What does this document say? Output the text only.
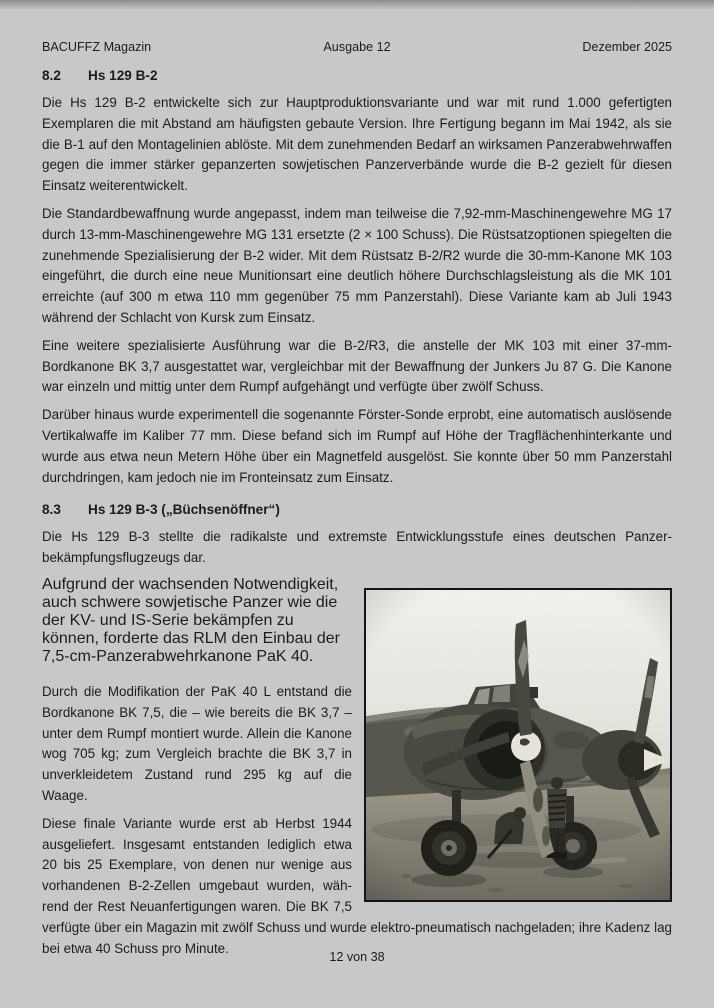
BACUFFZ Magazin	Ausgabe 12	Dezember 2025
8.2	Hs 129 B-2

Die Hs 129 B-2 entwickelte sich zur Hauptproduktionsvariante und war mit rund 1.000 gefertigten Exemplaren die mit Abstand am häufigsten gebaute Version. Ihre Fertigung begann im Mai 1942, als sie die B-1 auf den Montagelinien ablöste. Mit dem zunehmenden Bedarf an wirksamen Panzerabwehrwaffen gegen die immer stärker gepanzerten sowjetischen Panzerverbände wurde die B-2 gezielt für diesen Einsatz weiterentwickelt.

Die Standardbewaffnung wurde angepasst, indem man teilweise die 7,92-mm-Maschinengewehre MG 17 durch 13-mm-Maschinengewehre MG 131 ersetzte (2 × 100 Schuss). Die Rüstsatzoptionen spiegelten die zunehmende Spezialisierung der B-2 wider. Mit dem Rüstsatz B-2/R2 wurde die 30-mm-Kanone MK 103 eingeführt, die durch eine neue Munitionsart eine deutlich höhere Durchschlagsleistung als die MK 101 erreichte (auf 300 m etwa 110 mm gegenüber 75 mm Panzerstahl). Diese Variante kam ab Juli 1943 während der Schlacht von Kursk zum Einsatz.

Eine weitere spezialisierte Ausführung war die B-2/R3, die anstelle der MK 103 mit einer 37-mm-Bordkanone BK 3,7 ausgestattet war, vergleichbar mit der Bewaffnung der Junkers Ju 87 G. Die Kanone war einzeln und mittig unter dem Rumpf aufgehängt und verfügte über zwölf Schuss.

Darüber hinaus wurde experimentell die sogenannte Förster-Sonde erprobt, eine automatisch auslösende Vertikalwaffe im Kaliber 77 mm. Diese befand sich im Rumpf auf Höhe der Tragflächenhinterkante und wurde aus etwa neun Metern Höhe über ein Magnetfeld ausgelöst. Sie konnte über 50 mm Panzerstahl durchdringen, kam jedoch nie im Fronteinsatz zum Einsatz.

8.3	Hs 129 B-3 („Büchsenöffner“)

Die Hs 129 B-3 stellte die radikalste und extremste Entwicklungsstufe eines deutschen Panzerbekämpfungsflugzeugs dar.

Aufgrund der wachsenden Notwendigkeit, auch schwere sowjetische Panzer wie die der KV- und IS-Serie bekämpfen zu können, forderte das RLM den Einbau der 7,5-cm-Panzerabwehrkanone PaK 40.

Durch die Modifikation der PaK 40 L entstand die Bordkanone BK 7,5, die – wie bereits die BK 3,7 – unter dem Rumpf montiert wurde. Allein die Kanone wog 705 kg; zum Vergleich brachte die BK 3,7 in unverkleidetem Zustand rund 295 kg auf die Waage.

Diese finale Variante wurde erst ab Herbst 1944 ausgeliefert. Insgesamt entstanden lediglich etwa 20 bis 25 Exemplare, von denen nur wenige aus vorhandenen B-2-Zellen umgebaut wurden, während der Rest Neuanfertigungen waren. Die BK 7,5 verfügte über ein Magazin mit zwölf Schuss und wurde elektro-pneumatisch nachgeladen; ihre Kadenz lag bei etwa 40 Schuss pro Minute.

12 von 38
